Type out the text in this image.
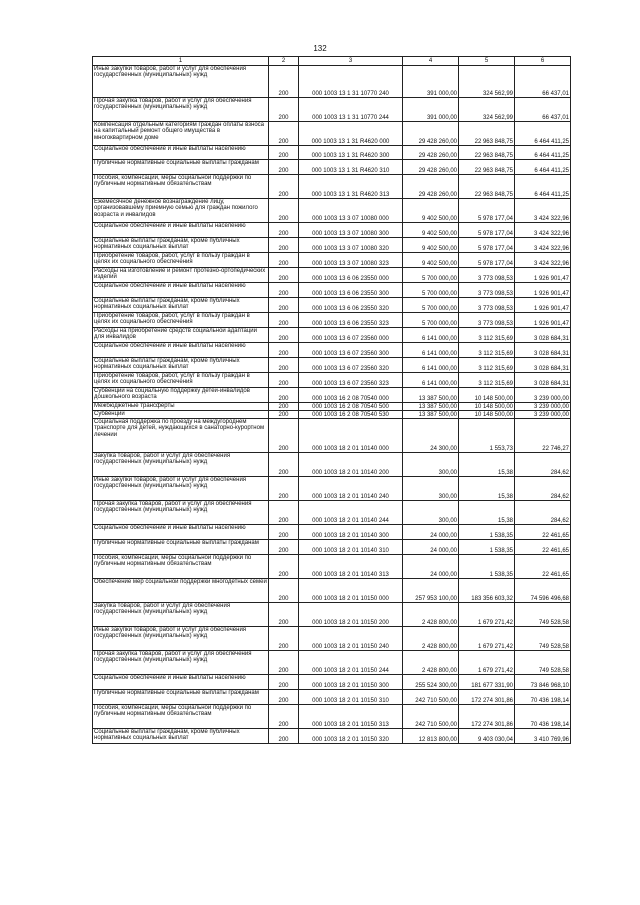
132
1	2	3	4	5	6
Иные закупки товаров, работ и услуг для обеспечения государственных (муниципальных) нужд	200	000 1003 13 1 31 10770 240	391 000,00	324 562,99	66 437,01
Прочая закупка товаров, работ и услуг для обеспечения государственных (муниципальных) нужд	200	000 1003 13 1 31 10770 244	391 000,00	324 562,99	66 437,01
Компенсация отдельным категориям граждан оплаты взноса на капитальный ремонт общего имущества в многоквартирном доме	200	000 1003 13 1 31 R4620 000	29 428 260,00	22 963 848,75	6 464 411,25
Социальное обеспечение и иные выплаты населению	200	000 1003 13 1 31 R4620 300	29 428 260,00	22 963 848,75	6 464 411,25
Публичные нормативные социальные выплаты гражданам	200	000 1003 13 1 31 R4620 310	29 428 260,00	22 963 848,75	6 464 411,25
Пособия, компенсации, меры социальной поддержки по публичным нормативным обязательствам	200	000 1003 13 1 31 R4620 313	29 428 260,00	22 963 848,75	6 464 411,25
Ежемесячное денежное вознаграждение лицу, организовавшему приемную семью для граждан пожилого возраста и инвалидов	200	000 1003 13 3 07 10080 000	9 402 500,00	5 978 177,04	3 424 322,96
Социальное обеспечение и иные выплаты населению	200	000 1003 13 3 07 10080 300	9 402 500,00	5 978 177,04	3 424 322,96
Социальные выплаты гражданам, кроме публичных нормативных социальных выплат	200	000 1003 13 3 07 10080 320	9 402 500,00	5 978 177,04	3 424 322,96
Приобретение товаров, работ, услуг в пользу граждан в целях их социального обеспечения	200	000 1003 13 3 07 10080 323	9 402 500,00	5 978 177,04	3 424 322,96
Расходы на изготовление и ремонт протезно-ортопедических изделий	200	000 1003 13 6 06 23550 000	5 700 000,00	3 773 098,53	1 926 901,47
Социальное обеспечение и иные выплаты населению	200	000 1003 13 6 06 23550 300	5 700 000,00	3 773 098,53	1 926 901,47
Социальные выплаты гражданам, кроме публичных нормативных социальных выплат	200	000 1003 13 6 06 23550 320	5 700 000,00	3 773 098,53	1 926 901,47
Приобретение товаров, работ, услуг в пользу граждан в целях их социального обеспечения	200	000 1003 13 6 06 23550 323	5 700 000,00	3 773 098,53	1 926 901,47
Расходы на приобретение средств социальной адаптации для инвалидов	200	000 1003 13 6 07 23560 000	6 141 000,00	3 112 315,69	3 028 684,31
Социальное обеспечение и иные выплаты населению	200	000 1003 13 6 07 23560 300	6 141 000,00	3 112 315,69	3 028 684,31
Социальные выплаты гражданам, кроме публичных нормативных социальных выплат	200	000 1003 13 6 07 23560 320	6 141 000,00	3 112 315,69	3 028 684,31
Приобретение товаров, работ, услуг в пользу граждан в целях их социального обеспечения	200	000 1003 13 6 07 23560 323	6 141 000,00	3 112 315,69	3 028 684,31
Субвенции на социальную поддержку детей-инвалидов дошкольного возраста	200	000 1003 16 2 08 70540 000	13 387 500,00	10 148 500,00	3 239 000,00
Межбюджетные трансферты	200	000 1003 16 2 08 70540 500	13 387 500,00	10 148 500,00	3 239 000,00
Субвенции	200	000 1003 16 2 08 70540 530	13 387 500,00	10 148 500,00	3 239 000,00
Социальная поддержка по проезду на междугороднем транспорте для детей, нуждающихся в санаторно-курортном лечении	200	000 1003 18 2 01 10140 000	24 300,00	1 553,73	22 746,27
Закупка товаров, работ и услуг для обеспечения государственных (муниципальных) нужд	200	000 1003 18 2 01 10140 200	300,00	15,38	284,62
Иные закупки товаров, работ и услуг для обеспечения государственных (муниципальных) нужд	200	000 1003 18 2 01 10140 240	300,00	15,38	284,62
Прочая закупка товаров, работ и услуг для обеспечения государственных (муниципальных) нужд	200	000 1003 18 2 01 10140 244	300,00	15,38	284,62
Социальное обеспечение и иные выплаты населению	200	000 1003 18 2 01 10140 300	24 000,00	1 538,35	22 461,65
Публичные нормативные социальные выплаты гражданам	200	000 1003 18 2 01 10140 310	24 000,00	1 538,35	22 461,65
Пособия, компенсации, меры социальной поддержки по публичным нормативным обязательствам	200	000 1003 18 2 01 10140 313	24 000,00	1 538,35	22 461,65
Обеспечение мер социальной поддержки многодетных семей	200	000 1003 18 2 01 10150 000	257 953 100,00	183 356 603,32	74 596 496,68
Закупка товаров, работ и услуг для обеспечения государственных (муниципальных) нужд	200	000 1003 18 2 01 10150 200	2 428 800,00	1 679 271,42	749 528,58
Иные закупки товаров, работ и услуг для обеспечения государственных (муниципальных) нужд	200	000 1003 18 2 01 10150 240	2 428 800,00	1 679 271,42	749 528,58
Прочая закупка товаров, работ и услуг для обеспечения государственных (муниципальных) нужд	200	000 1003 18 2 01 10150 244	2 428 800,00	1 679 271,42	749 528,58
Социальное обеспечение и иные выплаты населению	200	000 1003 18 2 01 10150 300	255 524 300,00	181 677 331,90	73 846 968,10
Публичные нормативные социальные выплаты гражданам	200	000 1003 18 2 01 10150 310	242 710 500,00	172 274 301,86	70 436 198,14
Пособия, компенсации, меры социальной поддержки по публичным нормативным обязательствам	200	000 1003 18 2 01 10150 313	242 710 500,00	172 274 301,86	70 436 198,14
Социальные выплаты гражданам, кроме публичных нормативных социальных выплат	200	000 1003 18 2 01 10150 320	12 813 800,00	9 403 030,04	3 410 769,96
